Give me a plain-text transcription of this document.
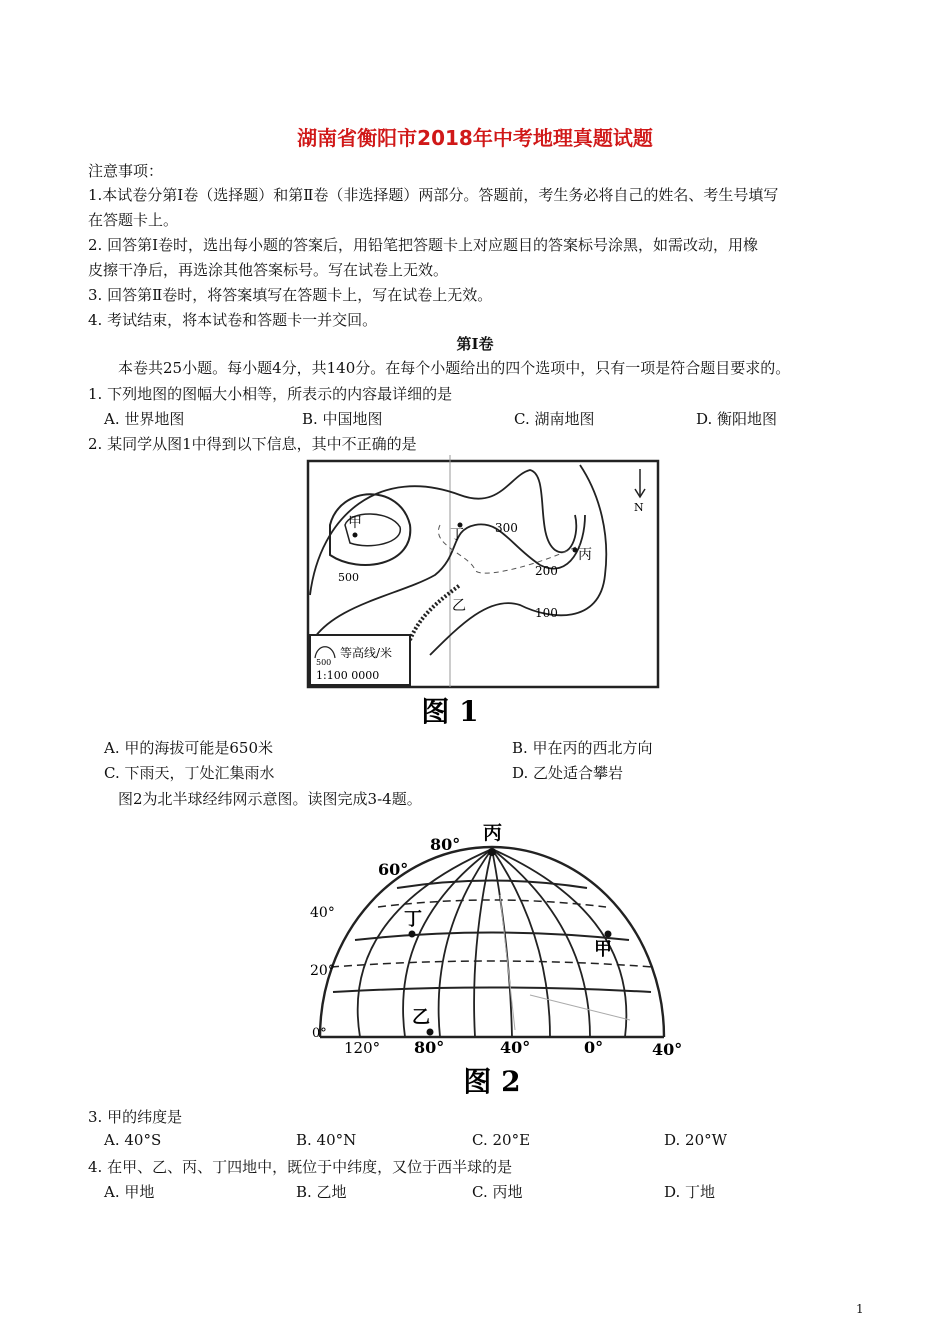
湖南省衡阳市2018年中考地理真题试题
注意事项：
1.本试卷分第Ⅰ卷（选择题）和第Ⅱ卷（非选择题）两部分。答题前，考生务必将自己的姓名、考生号填写
在答题卡上。
2. 回答第Ⅰ卷时，选出每小题的答案后，用铅笔把答题卡上对应题目的答案标号涂黑，如需改动，用橡
皮擦干净后，再选涂其他答案标号。写在试卷上无效。
3. 回答第Ⅱ卷时，将答案填写在答题卡上，写在试卷上无效。
4. 考试结束，将本试卷和答题卡一并交回。
第Ⅰ卷
本卷共25小题。每小题4分，共140分。在每个小题给出的四个选项中，只有一项是符合题目要求的。
1. 下列地图的图幅大小相等，所表示的内容最详细的是
A. 世界地图	B. 中国地图	C. 湖南地图	D. 衡阳地图
2. 某同学从图1中得到以下信息，其中不正确的是
甲
丁
丙
乙
500
300
200
100
N
500
等高线/米
1:100 0000
图 1
A. 甲的海拔可能是650米	B. 甲在丙的西北方向
C. 下雨天，丁处汇集雨水	D. 乙处适合攀岩
图2为北半球经纬网示意图。读图完成3-4题。
丙
丁
甲
乙
80°
60°
40°
20°
0°
120° 80°	40°	0°	40°
图 2
3. 甲的纬度是
A. 40°S	B. 40°N	C. 20°E	D. 20°W
4. 在甲、乙、丙、丁四地中，既位于中纬度，又位于西半球的是
A. 甲地	B. 乙地	C. 丙地	D. 丁地
1
